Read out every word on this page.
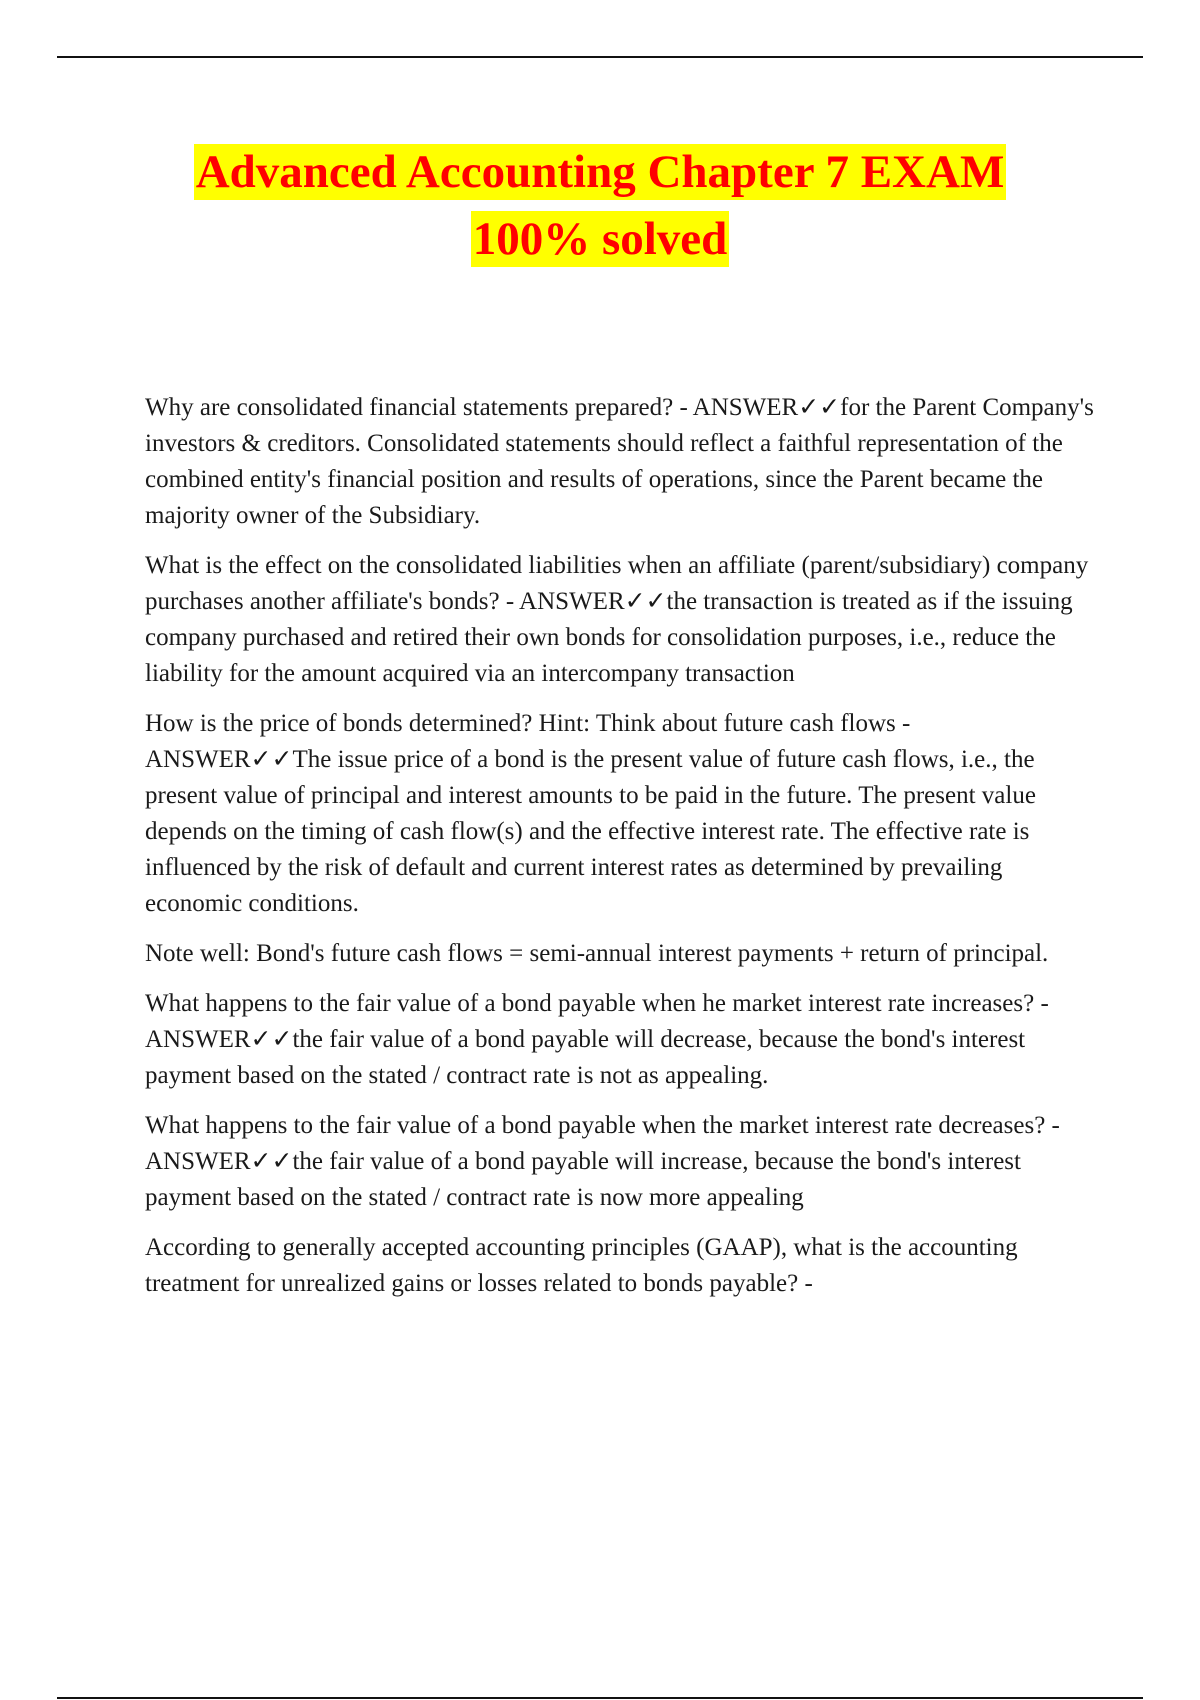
Advanced Accounting Chapter 7 EXAM
100% solved

Why are consolidated financial statements prepared? - ANSWER✓✓for the Parent Company's investors & creditors. Consolidated statements should reflect a faithful representation of the combined entity's financial position and results of operations, since the Parent became the majority owner of the Subsidiary.

What is the effect on the consolidated liabilities when an affiliate (parent/subsidiary) company purchases another affiliate's bonds? - ANSWER✓✓the transaction is treated as if the issuing company purchased and retired their own bonds for consolidation purposes, i.e., reduce the liability for the amount acquired via an intercompany transaction

How is the price of bonds determined? Hint: Think about future cash flows - ANSWER✓✓The issue price of a bond is the present value of future cash flows, i.e., the present value of principal and interest amounts to be paid in the future. The present value depends on the timing of cash flow(s) and the effective interest rate. The effective rate is influenced by the risk of default and current interest rates as determined by prevailing economic conditions.

Note well: Bond's future cash flows = semi-annual interest payments + return of principal.

What happens to the fair value of a bond payable when he market interest rate increases? - ANSWER✓✓the fair value of a bond payable will decrease, because the bond's interest payment based on the stated / contract rate is not as appealing.

What happens to the fair value of a bond payable when the market interest rate decreases? - ANSWER✓✓the fair value of a bond payable will increase, because the bond's interest payment based on the stated / contract rate is now more appealing

According to generally accepted accounting principles (GAAP), what is the accounting treatment for unrealized gains or losses related to bonds payable? -
